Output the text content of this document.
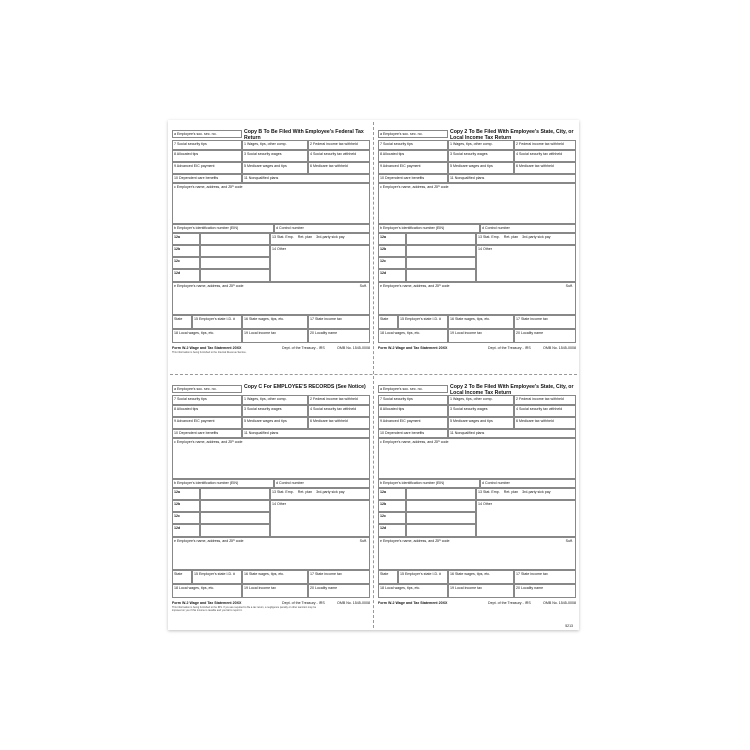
5213
a Employee's soc. sec. no.	Copy B To Be Filed With Employee's Federal Tax Return
7 Social security tips	1 Wages, tips, other comp.	2 Federal income tax withheld
8 Allocated tips	3 Social security wages	4 Social security tax withheld
9 Advanced EIC payment	5 Medicare wages and tips	6 Medicare tax withheld
10 Dependent care benefits	11 Nonqualified plans
c Employer's name, address, and ZIP code
b Employer's identification number (EIN)	d Control number
12a	13 Stat. Emp. Ret. plan 3rd-party sick pay
12b	14 Other
12c
12d
e Employee's name, address, and ZIP code	Suff.
State	15 Employer's state I.D. #	16 State wages, tips, etc.	17 State income tax
18 Local wages, tips, etc.	19 Local income tax	20 Locality name
Form W-2 Wage and Tax Statement 20XX	Dept. of the Treasury - IRS	OMB No. 1545-0008
This information is being furnished to the Internal Revenue Service.
a Employee's soc. sec. no.	Copy 2 To Be Filed With Employee's State, City, or Local Income Tax Return
7 Social security tips	1 Wages, tips, other comp.	2 Federal income tax withheld
8 Allocated tips	3 Social security wages	4 Social security tax withheld
9 Advanced EIC payment	5 Medicare wages and tips	6 Medicare tax withheld
10 Dependent care benefits	11 Nonqualified plans
c Employer's name, address, and ZIP code
b Employer's identification number (EIN)	d Control number
12a	13 Stat. Emp. Ret. plan 3rd-party sick pay
12b	14 Other
12c
12d
e Employee's name, address, and ZIP code	Suff.
State	15 Employer's state I.D. #	16 State wages, tips, etc.	17 State income tax
18 Local wages, tips, etc.	19 Local income tax	20 Locality name
Form W-2 Wage and Tax Statement 20XX	Dept. of the Treasury - IRS	OMB No. 1545-0008
a Employee's soc. sec. no.	Copy C For EMPLOYEE'S RECORDS (See Notice)
7 Social security tips	1 Wages, tips, other comp.	2 Federal income tax withheld
8 Allocated tips	3 Social security wages	4 Social security tax withheld
9 Advanced EIC payment	5 Medicare wages and tips	6 Medicare tax withheld
10 Dependent care benefits	11 Nonqualified plans
c Employer's name, address, and ZIP code
b Employer's identification number (EIN)	d Control number
12a	13 Stat. Emp. Ret. plan 3rd-party sick pay
12b	14 Other
12c
12d
e Employee's name, address, and ZIP code	Suff.
State	15 Employer's state I.D. #	16 State wages, tips, etc.	17 State income tax
18 Local wages, tips, etc.	19 Local income tax	20 Locality name
Form W-2 Wage and Tax Statement 20XX	Dept. of the Treasury - IRS	OMB No. 1545-0008
This information is being furnished to the IRS. If you are required to file a tax return, a negligence penalty or other sanction may be imposed on you if this income is taxable and you fail to report it.
a Employee's soc. sec. no.	Copy 2 To Be Filed With Employee's State, City, or Local Income Tax Return
7 Social security tips	1 Wages, tips, other comp.	2 Federal income tax withheld
8 Allocated tips	3 Social security wages	4 Social security tax withheld
9 Advanced EIC payment	5 Medicare wages and tips	6 Medicare tax withheld
10 Dependent care benefits	11 Nonqualified plans
c Employer's name, address, and ZIP code
b Employer's identification number (EIN)	d Control number
12a	13 Stat. Emp. Ret. plan 3rd-party sick pay
12b	14 Other
12c
12d
e Employee's name, address, and ZIP code	Suff.
State	15 Employer's state I.D. #	16 State wages, tips, etc.	17 State income tax
18 Local wages, tips, etc.	19 Local income tax	20 Locality name
Form W-2 Wage and Tax Statement 20XX	Dept. of the Treasury - IRS	OMB No. 1545-0008
